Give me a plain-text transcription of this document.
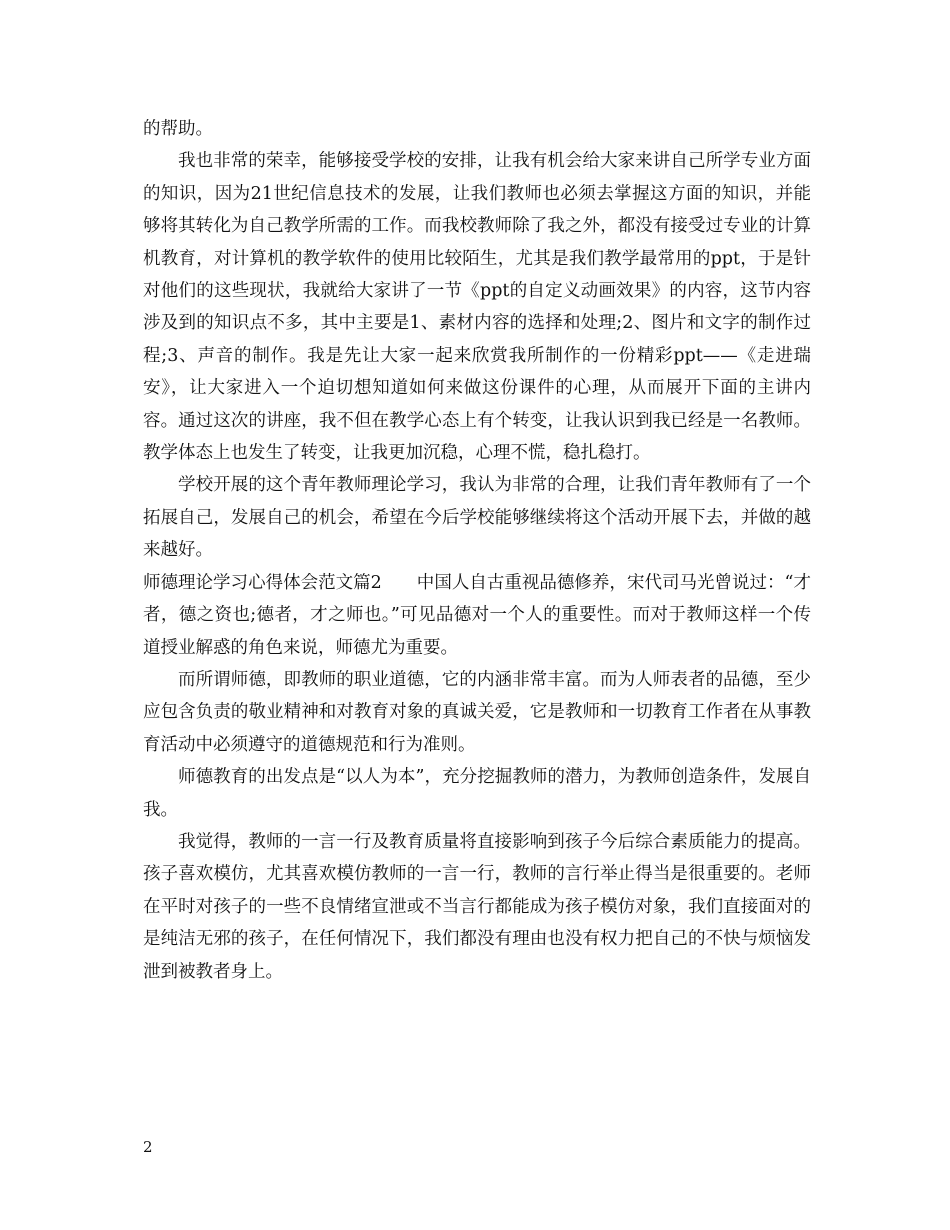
的帮助。

我也非常的荣幸，能够接受学校的安排，让我有机会给大家来讲自己所学专业方面的知识，因为21世纪信息技术的发展，让我们教师也必须去掌握这方面的知识，并能够将其转化为自己教学所需的工作。而我校教师除了我之外，都没有接受过专业的计算机教育，对计算机的教学软件的使用比较陌生，尤其是我们教学最常用的ppt，于是针对他们的这些现状，我就给大家讲了一节《ppt的自定义动画效果》的内容，这节内容涉及到的知识点不多，其中主要是1、素材内容的选择和处理;2、图片和文字的制作过程;3、声音的制作。我是先让大家一起来欣赏我所制作的一份精彩ppt——《走进瑞安》，让大家进入一个迫切想知道如何来做这份课件的心理，从而展开下面的主讲内容。通过这次的讲座，我不但在教学心态上有个转变，让我认识到我已经是一名教师。教学体态上也发生了转变，让我更加沉稳，心理不慌，稳扎稳打。

学校开展的这个青年教师理论学习，我认为非常的合理，让我们青年教师有了一个拓展自己，发展自己的机会，希望在今后学校能够继续将这个活动开展下去，并做的越来越好。

师德理论学习心得体会范文篇2　　中国人自古重视品德修养，宋代司马光曾说过：“才者，德之资也;德者，才之师也。”可见品德对一个人的重要性。而对于教师这样一个传道授业解惑的角色来说，师德尤为重要。

而所谓师德，即教师的职业道德，它的内涵非常丰富。而为人师表者的品德，至少应包含负责的敬业精神和对教育对象的真诚关爱，它是教师和一切教育工作者在从事教育活动中必须遵守的道德规范和行为准则。

师德教育的出发点是“以人为本”，充分挖掘教师的潜力，为教师创造条件，发展自我。

我觉得，教师的一言一行及教育质量将直接影响到孩子今后综合素质能力的提高。孩子喜欢模仿，尤其喜欢模仿教师的一言一行，教师的言行举止得当是很重要的。老师在平时对孩子的一些不良情绪宣泄或不当言行都能成为孩子模仿对象，我们直接面对的是纯洁无邪的孩子，在任何情况下，我们都没有理由也没有权力把自己的不快与烦恼发泄到被教者身上。

2
